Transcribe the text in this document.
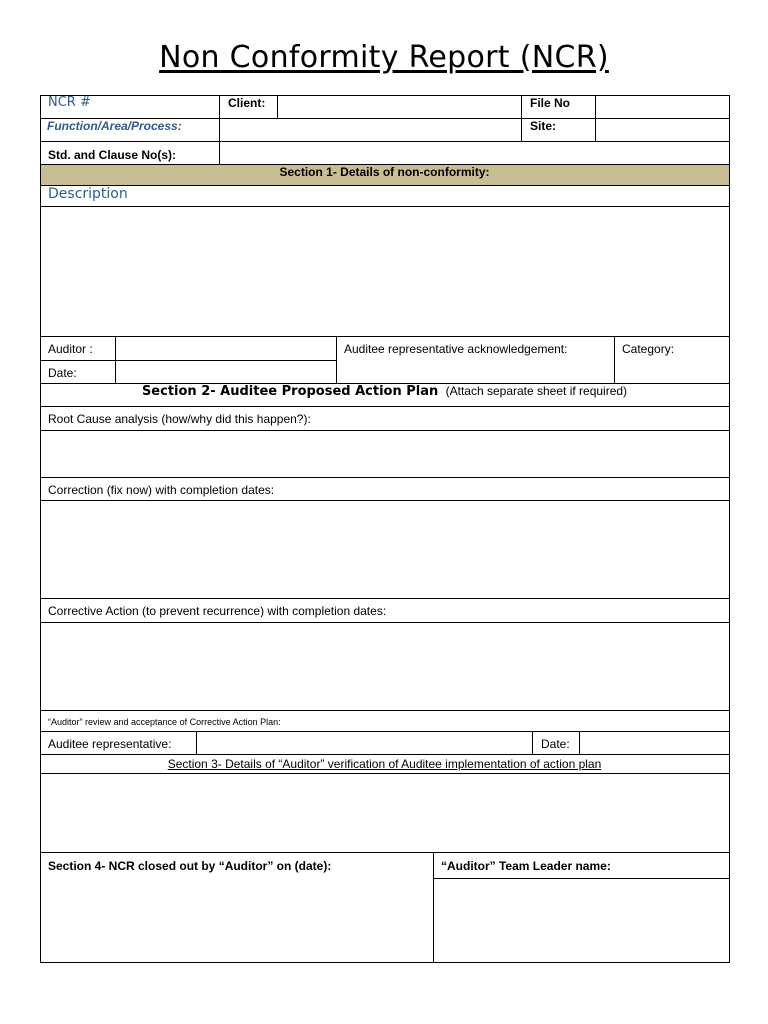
Non Conformity Report (NCR)
NCR #	Client:	File No
Function/Area/Process:	Site:
Std. and Clause No(s):
Section 1- Details of non-conformity:
Description
Auditor :
Date:
Auditee representative acknowledgement:	Category:
Section 2- Auditee Proposed Action Plan (Attach separate sheet if required)
Root Cause analysis (how/why did this happen?):
Correction (fix now) with completion dates:
Corrective Action (to prevent recurrence) with completion dates:
“Auditor” review and acceptance of Corrective Action Plan:
Auditee representative:	Date:
Section 3- Details of “Auditor” verification of Auditee implementation of action plan
Section 4- NCR closed out by “Auditor” on (date):	“Auditor” Team Leader name:
